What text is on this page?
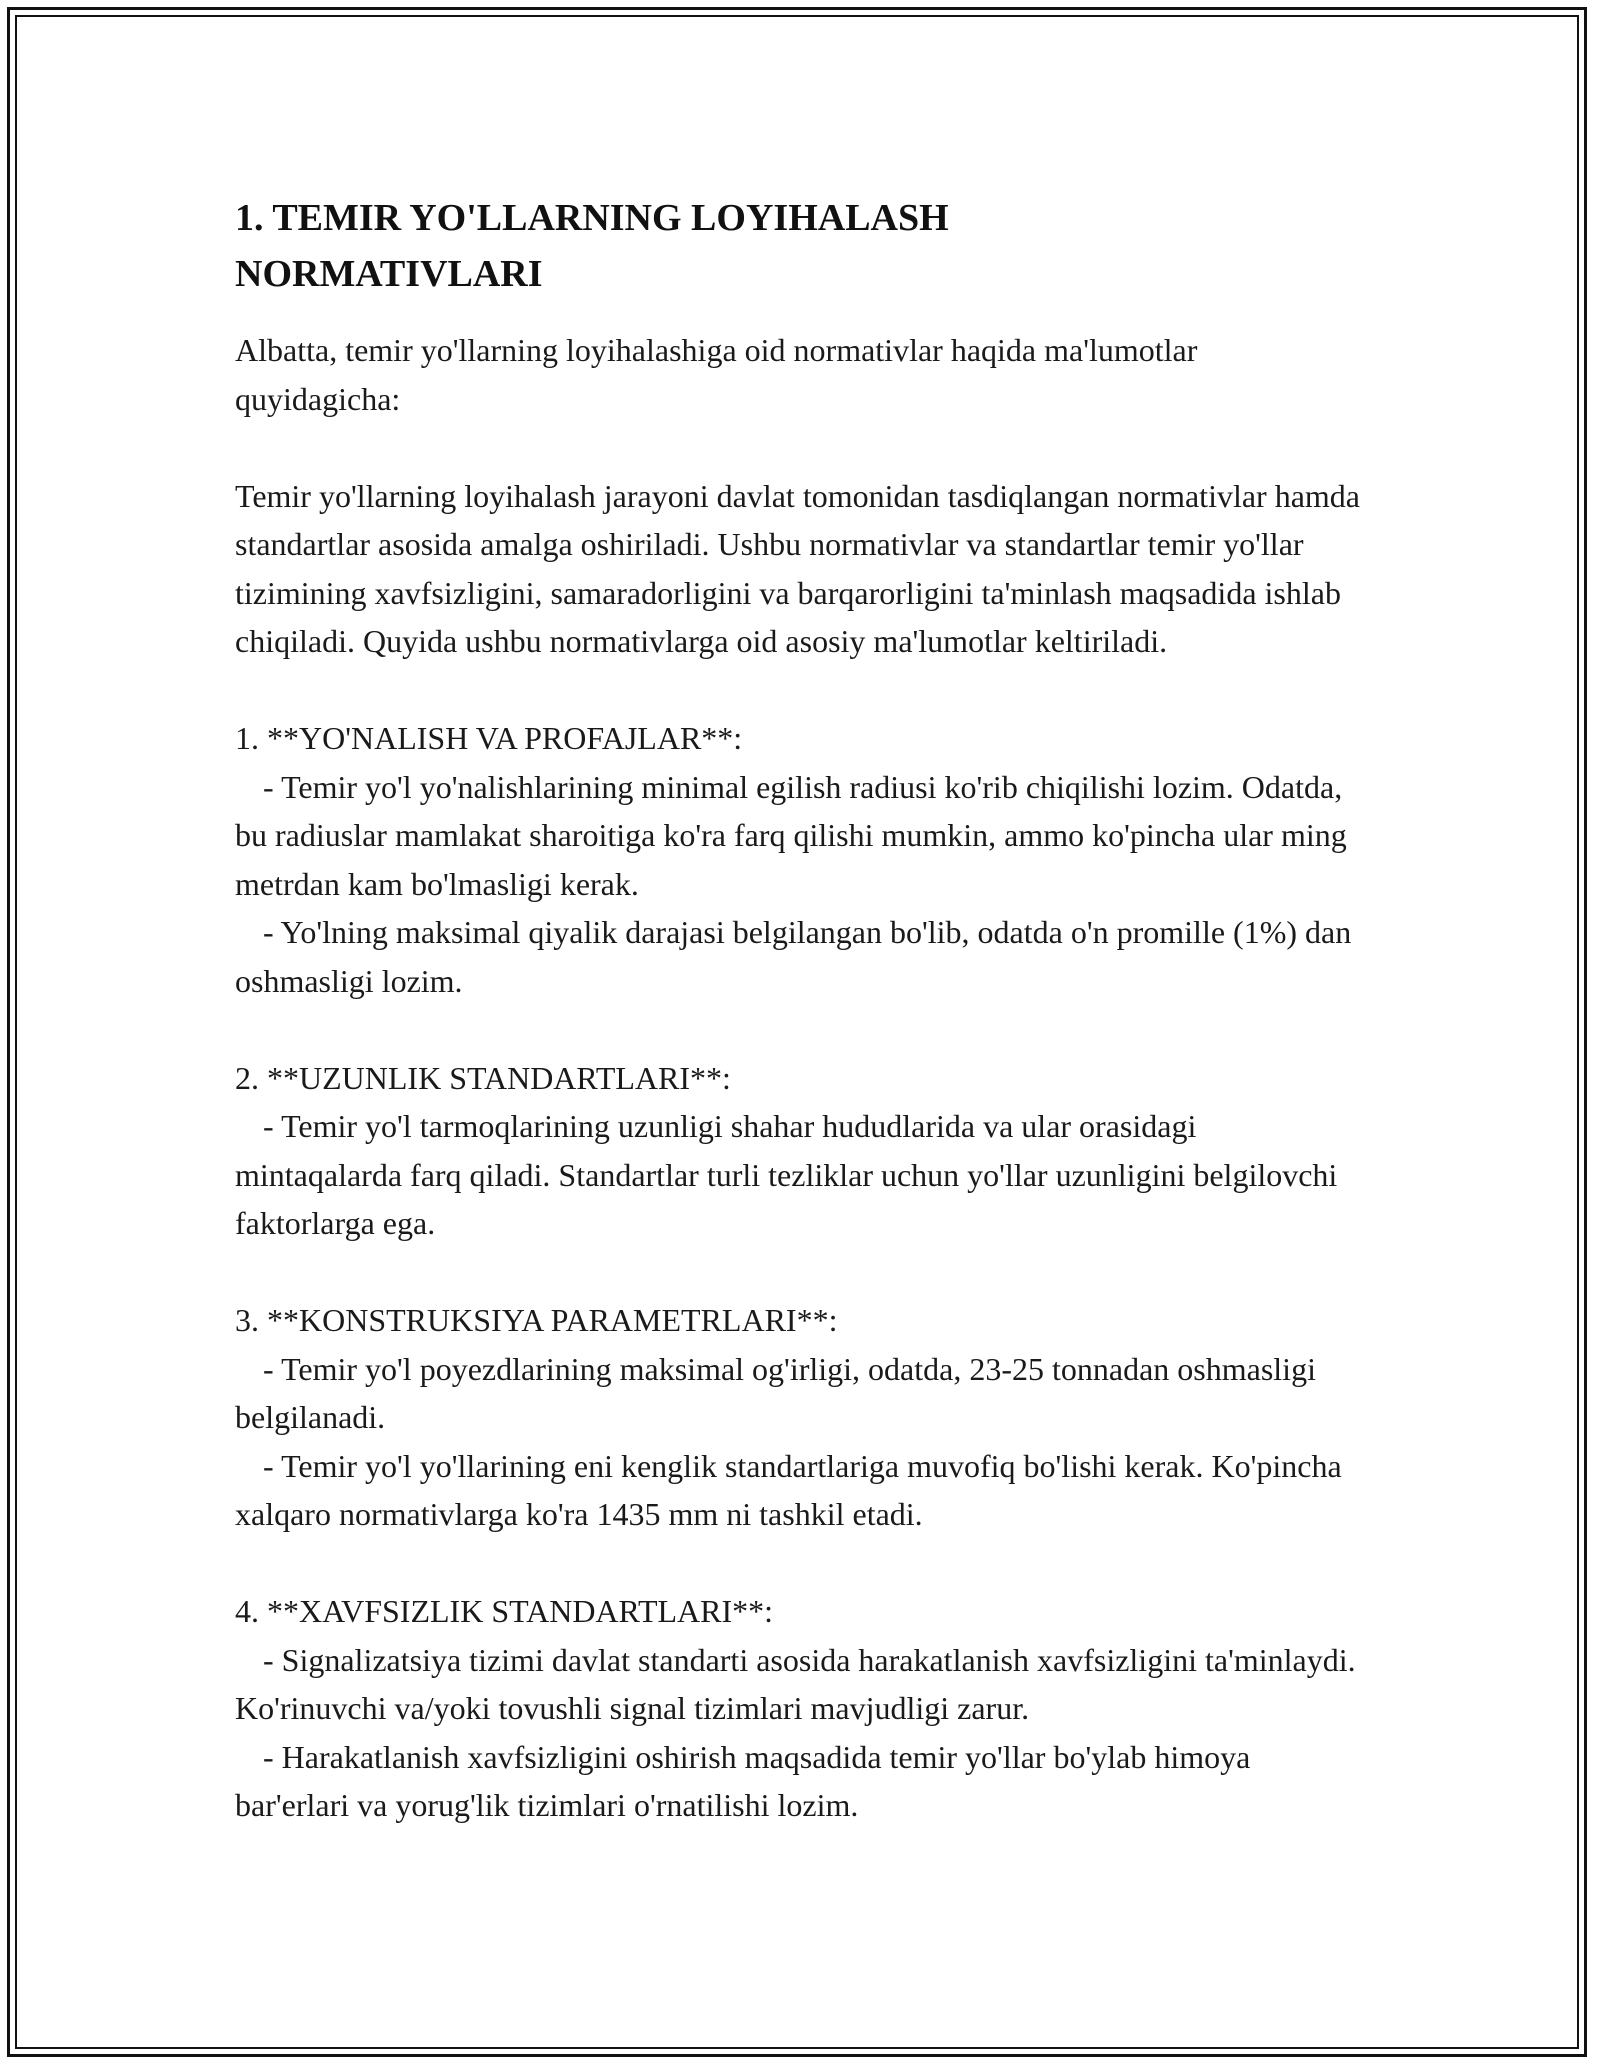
1. TEMIR YO'LLARNING LOYIHALASH
NORMATIVLARI

Albatta, temir yo'llarning loyihalashiga oid normativlar haqida ma'lumotlar quyidagicha:

Temir yo'llarning loyihalash jarayoni davlat tomonidan tasdiqlangan normativlar hamda standartlar asosida amalga oshiriladi. Ushbu normativlar va standartlar temir yo'llar tizimining xavfsizligini, samaradorligini va barqarorligini ta'minlash maqsadida ishlab chiqiladi. Quyida ushbu normativlarga oid asosiy ma'lumotlar keltiriladi.

1. **YO'NALISH VA PROFAJLAR**:

- Temir yo'l yo'nalishlarining minimal egilish radiusi ko'rib chiqilishi lozim. Odatda, bu radiuslar mamlakat sharoitiga ko'ra farq qilishi mumkin, ammo ko'pincha ular ming metrdan kam bo'lmasligi kerak.

- Yo'lning maksimal qiyalik darajasi belgilangan bo'lib, odatda o'n promille (1%) dan oshmasligi lozim.

2. **UZUNLIK STANDARTLARI**:

- Temir yo'l tarmoqlarining uzunligi shahar hududlarida va ular orasidagi mintaqalarda farq qiladi. Standartlar turli tezliklar uchun yo'llar uzunligini belgilovchi faktorlarga ega.

3. **KONSTRUKSIYA PARAMETRLARI**:

- Temir yo'l poyezdlarining maksimal og'irligi, odatda, 23-25 tonnadan oshmasligi belgilanadi.

- Temir yo'l yo'llarining eni kenglik standartlariga muvofiq bo'lishi kerak. Ko'pincha xalqaro normativlarga ko'ra 1435 mm ni tashkil etadi.

4. **XAVFSIZLIK STANDARTLARI**:

- Signalizatsiya tizimi davlat standarti asosida harakatlanish xavfsizligini ta'minlaydi. Ko'rinuvchi va/yoki tovushli signal tizimlari mavjudligi zarur.

- Harakatlanish xavfsizligini oshirish maqsadida temir yo'llar bo'ylab himoya bar'erlari va yorug'lik tizimlari o'rnatilishi lozim.
